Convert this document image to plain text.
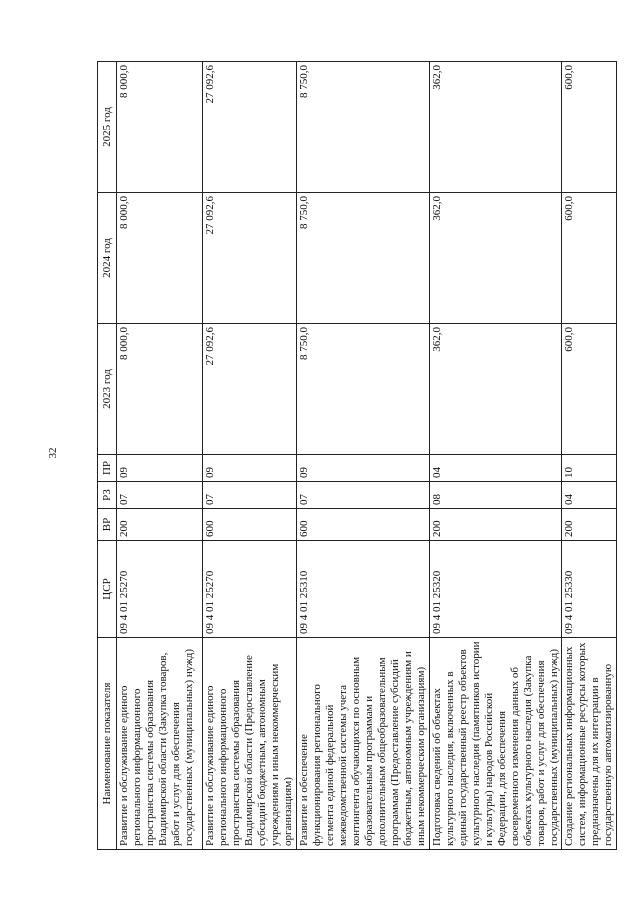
32
Наименование показателя	ЦСР	ВР	РЗ	ПР	2023 год	2024 год	2025 год
Развитие и обслуживание единого регионального информационного пространства системы образования Владимирской области (Закупка товаров, работ и услуг для обеспечения государственных (муниципальных) нужд)	09 4 01 25270	200	07	09	8 000,0	8 000,0	8 000,0
Развитие и обслуживание единого регионального информационного пространства системы образования Владимирской области (Предоставление субсидий бюджетным, автономным учреждениям и иным некоммерческим организациям)	09 4 01 25270	600	07	09	27 092,6	27 092,6	27 092,6
Развитие и обеспечение функционирования регионального сегмента единой федеральной межведомственной системы учета контингента обучающихся по основным образовательным программам и дополнительным общеобразовательным программам (Предоставление субсидий бюджетным, автономным учреждениям и иным некоммерческим организациям)	09 4 01 25310	600	07	09	8 750,0	8 750,0	8 750,0
Подготовка сведений об объектах культурного наследия, включенных в единый государственный реестр объектов культурного наследия (памятников истории и культуры) народов Российской Федерации, для обеспечения своевременного изменения данных об объектах культурного наследия (Закупка товаров, работ и услуг для обеспечения государственных (муниципальных) нужд)	09 4 01 25320	200	08	04	362,0	362,0	362,0
Создание региональных информационных систем, информационные ресурсы которых предназначены для их интеграции в государственную автоматизированную	09 4 01 25330	200	04	10	600,0	600,0	600,0
